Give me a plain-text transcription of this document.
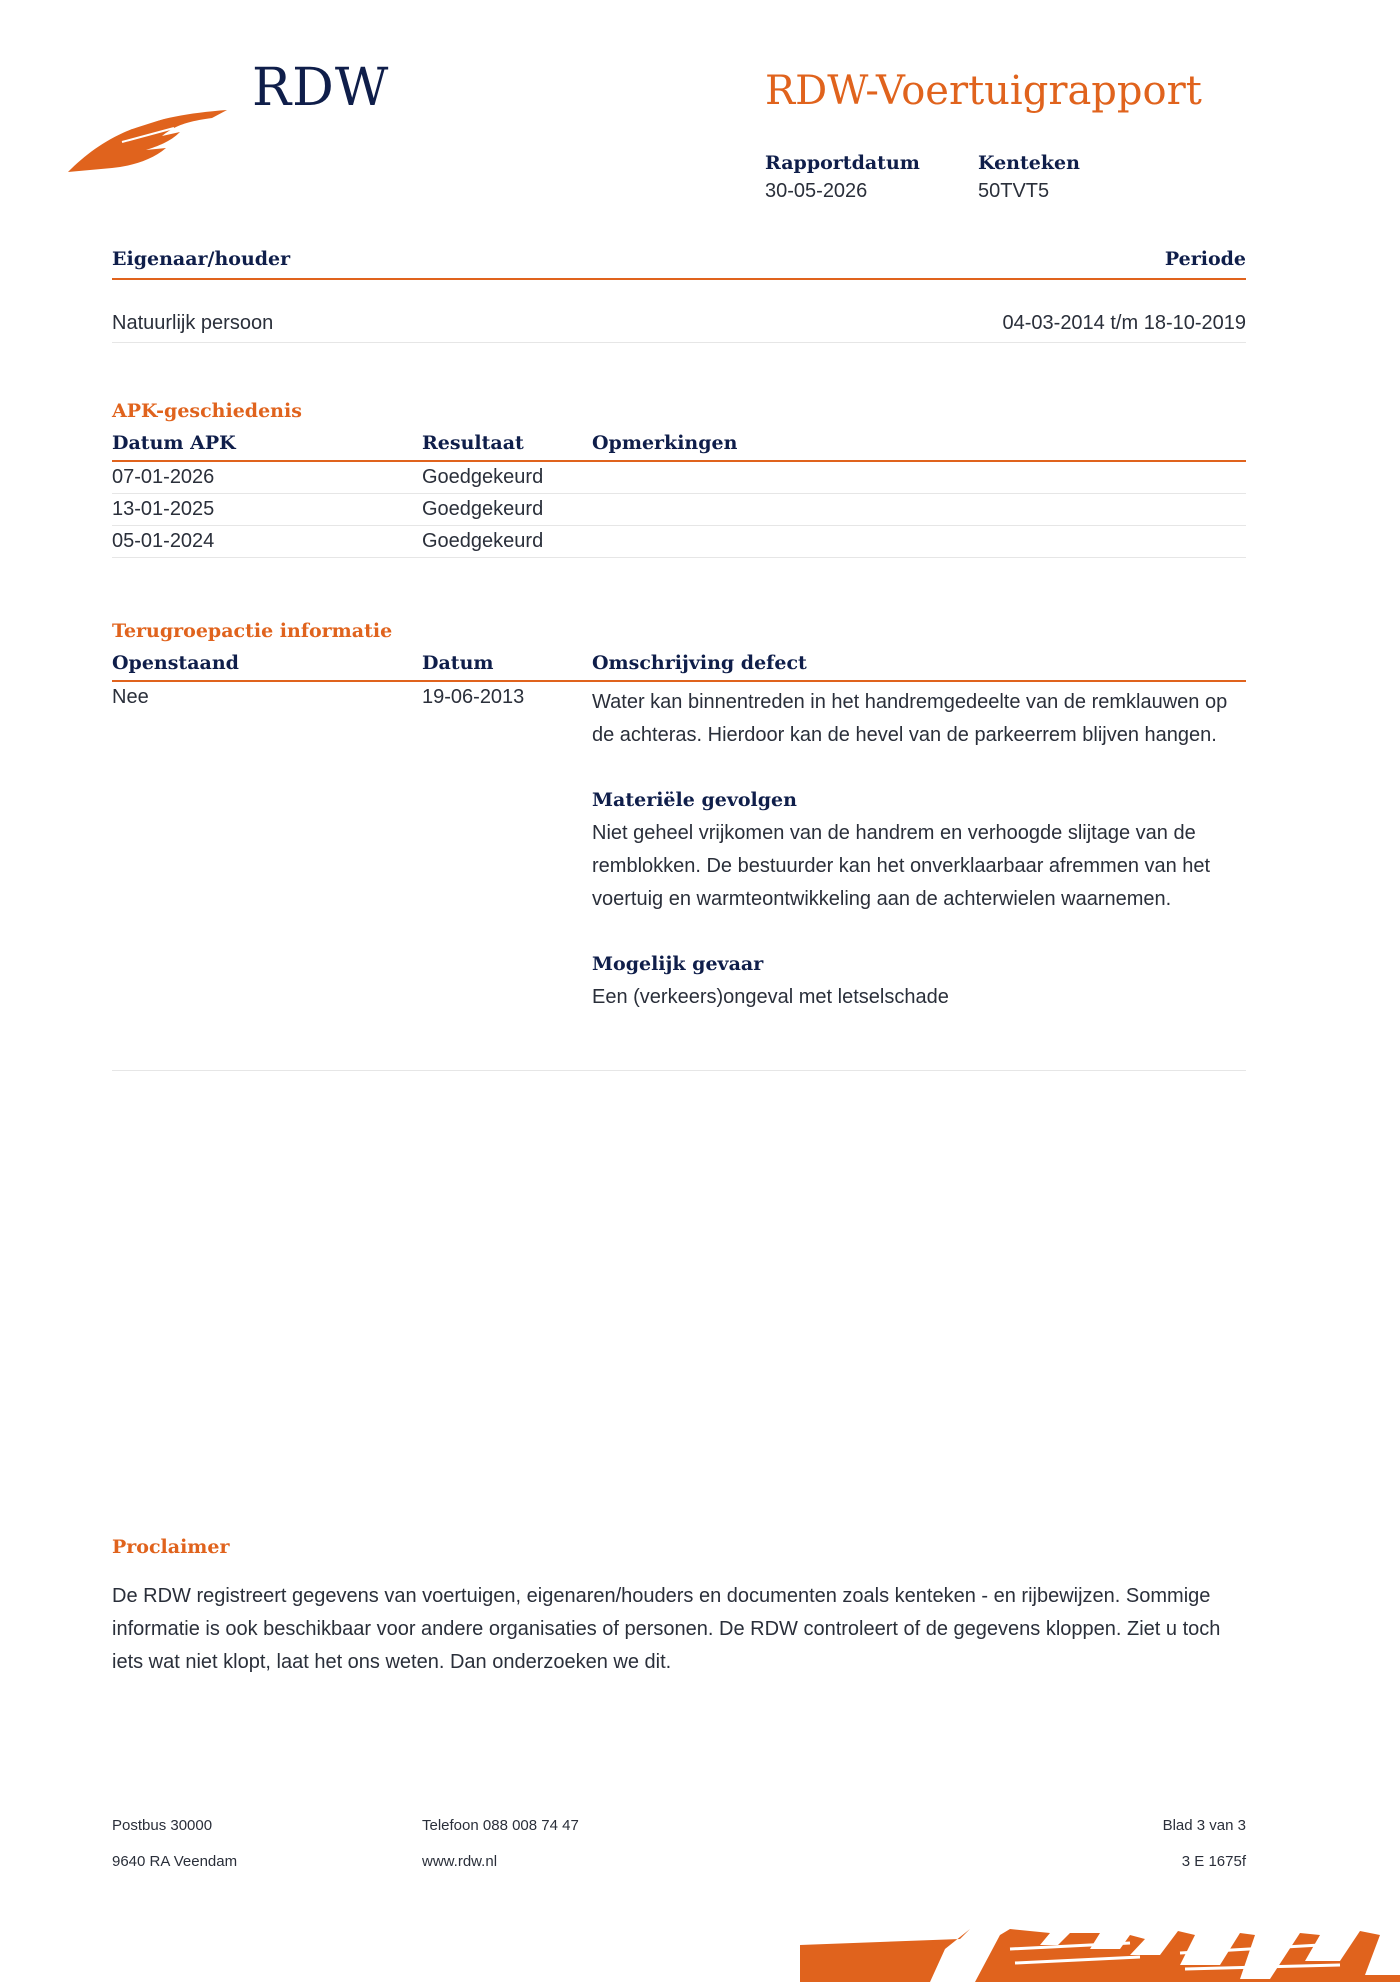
RDW	RDW-Voertuigrapport
Rapportdatum
30-05-2026
Kenteken
50TVT5
Eigenaar/houder	Periode
Natuurlijk persoon	04-03-2014 t/m 18-10-2019
APK-geschiedenis
Datum APK	Resultaat	Opmerkingen
07-01-2026	Goedgekeurd
13-01-2025	Goedgekeurd
05-01-2024	Goedgekeurd
Terugroepactie informatie
Openstaand	Datum	Omschrijving defect
Nee	19-06-2013	Water kan binnentreden in het handremgedeelte van de remklauwen op de achteras. Hierdoor kan de hevel van de parkeerrem blijven hangen.

Materiële gevolgen

Niet geheel vrijkomen van de handrem en verhoogde slijtage van de remblokken. De bestuurder kan het onverklaarbaar afremmen van het voertuig en warmteontwikkeling aan de achterwielen waarnemen.

Mogelijk gevaar

Een (verkeers)ongeval met letselschade

Proclaimer
De RDW registreert gegevens van voertuigen, eigenaren/houders en documenten zoals kenteken - en rijbewijzen. Sommige informatie is ook beschikbaar voor andere organisaties of personen. De RDW controleert of de gegevens kloppen. Ziet u toch iets wat niet klopt, laat het ons weten. Dan onderzoeken we dit.
Postbus 30000
9640 RA Veendam
Telefoon 088 008 74 47
www.rdw.nl
Blad 3 van 3
3 E 1675f
